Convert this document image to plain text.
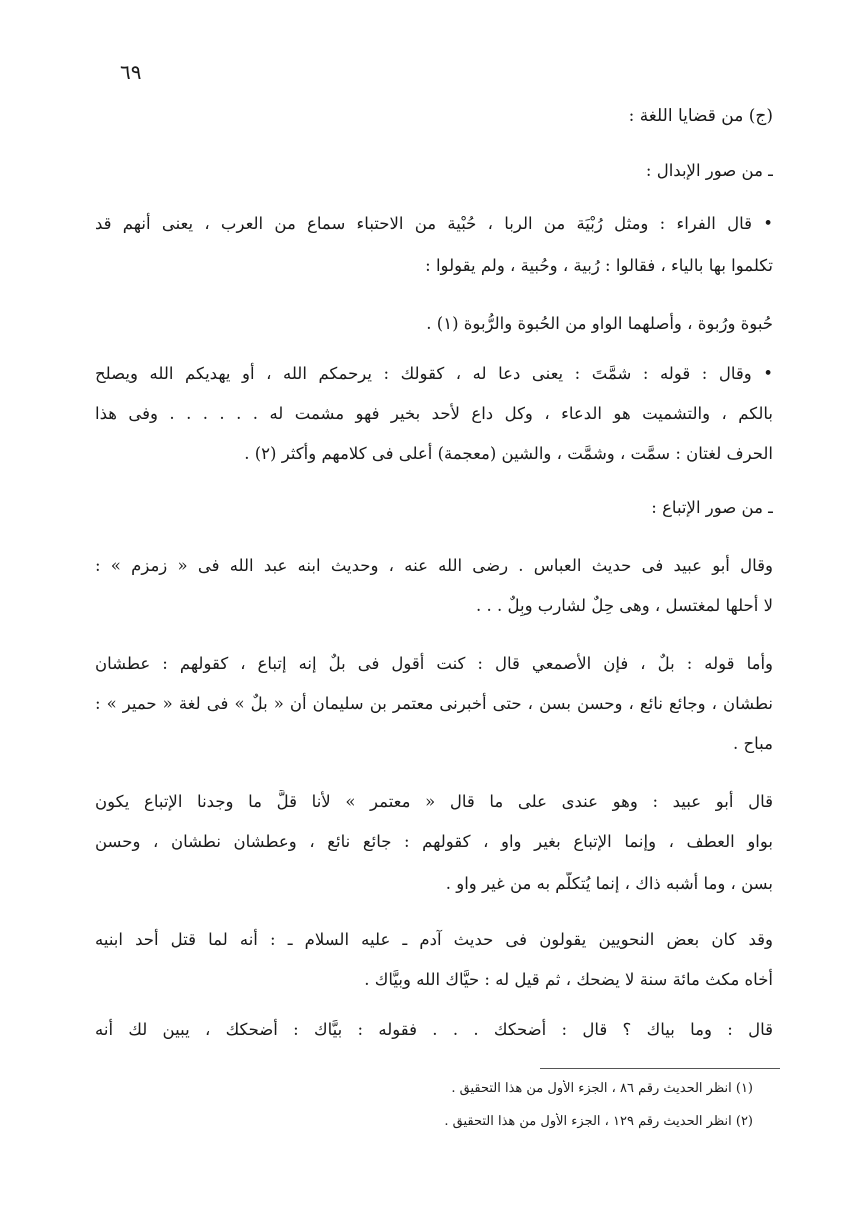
٦٩
(ج) من قضايا اللغة :
ـ من صور الإبدال :
• قال الفراء : ومثل رُبْيَة من الربا ، حُبْية من الاحتباء سماع من العرب ، يعنى أنهم قد
تكلموا بها بالياء ، فقالوا : رُبية ، وحُبية ، ولم يقولوا :
حُبوة ورُبوة ، وأصلهما الواو من الحُبوة والرُّبوة (١) .
• وقال : قوله : شمَّتَ : يعنى دعا له ، كقولك : يرحمكم الله ، أو يهديكم الله ويصلح
بالكم ، والتشميت هو الدعاء ، وكل داع لأحد بخير فهو مشمت له . . . . . . وفى هذا
الحرف لغتان : سمَّت ، وشمَّت ، والشين (معجمة) أعلى فى كلامهم وأكثر (٢) .
ـ من صور الإتباع :
وقال أبو عبيد فى حديث العباس . رضى الله عنه ، وحديث ابنه عبد الله فى « زمزم » :
لا أحلها لمغتسل ، وهى حِلٌ لشارب وبِلٌ . . .
وأما قوله : بلٌ ، فإن الأصمعي قال : كنت أقول فى بلٌ إنه إتباع ، كقولهم : عطشان
نطشان ، وجائع نائع ، وحسن بسن ، حتى أخبرنى معتمر بن سليمان أن « بلٌ » فى لغة « حمير » :
مباح .
قال أبو عبيد : وهو عندى على ما قال « معتمر » لأنا قلَّ ما وجدنا الإتباع يكون
بواو العطف ، وإنما الإتباع بغير واو ، كقولهم : جائع نائع ، وعطشان نطشان ، وحسن
بسن ، وما أشبه ذاك ، إنما يُتكلَّم به من غير واو .
وقد كان بعض النحويين يقولون فى حديث آدم ـ عليه السلام ـ : أنه لما قتل أحد ابنيه
أخاه مكث مائة سنة لا يضحك ، ثم قيل له : حيَّاك الله وبيَّاك .
قال : وما بياك ؟ قال : أضحكك . . . فقوله : بيَّاك : أضحكك ، يبين لك أنه
(١) انظر الحديث رقم ٨٦ ، الجزء الأول من هذا التحقيق .
(٢) انظر الحديث رقم ١٢٩ ، الجزء الأول من هذا التحقيق .
